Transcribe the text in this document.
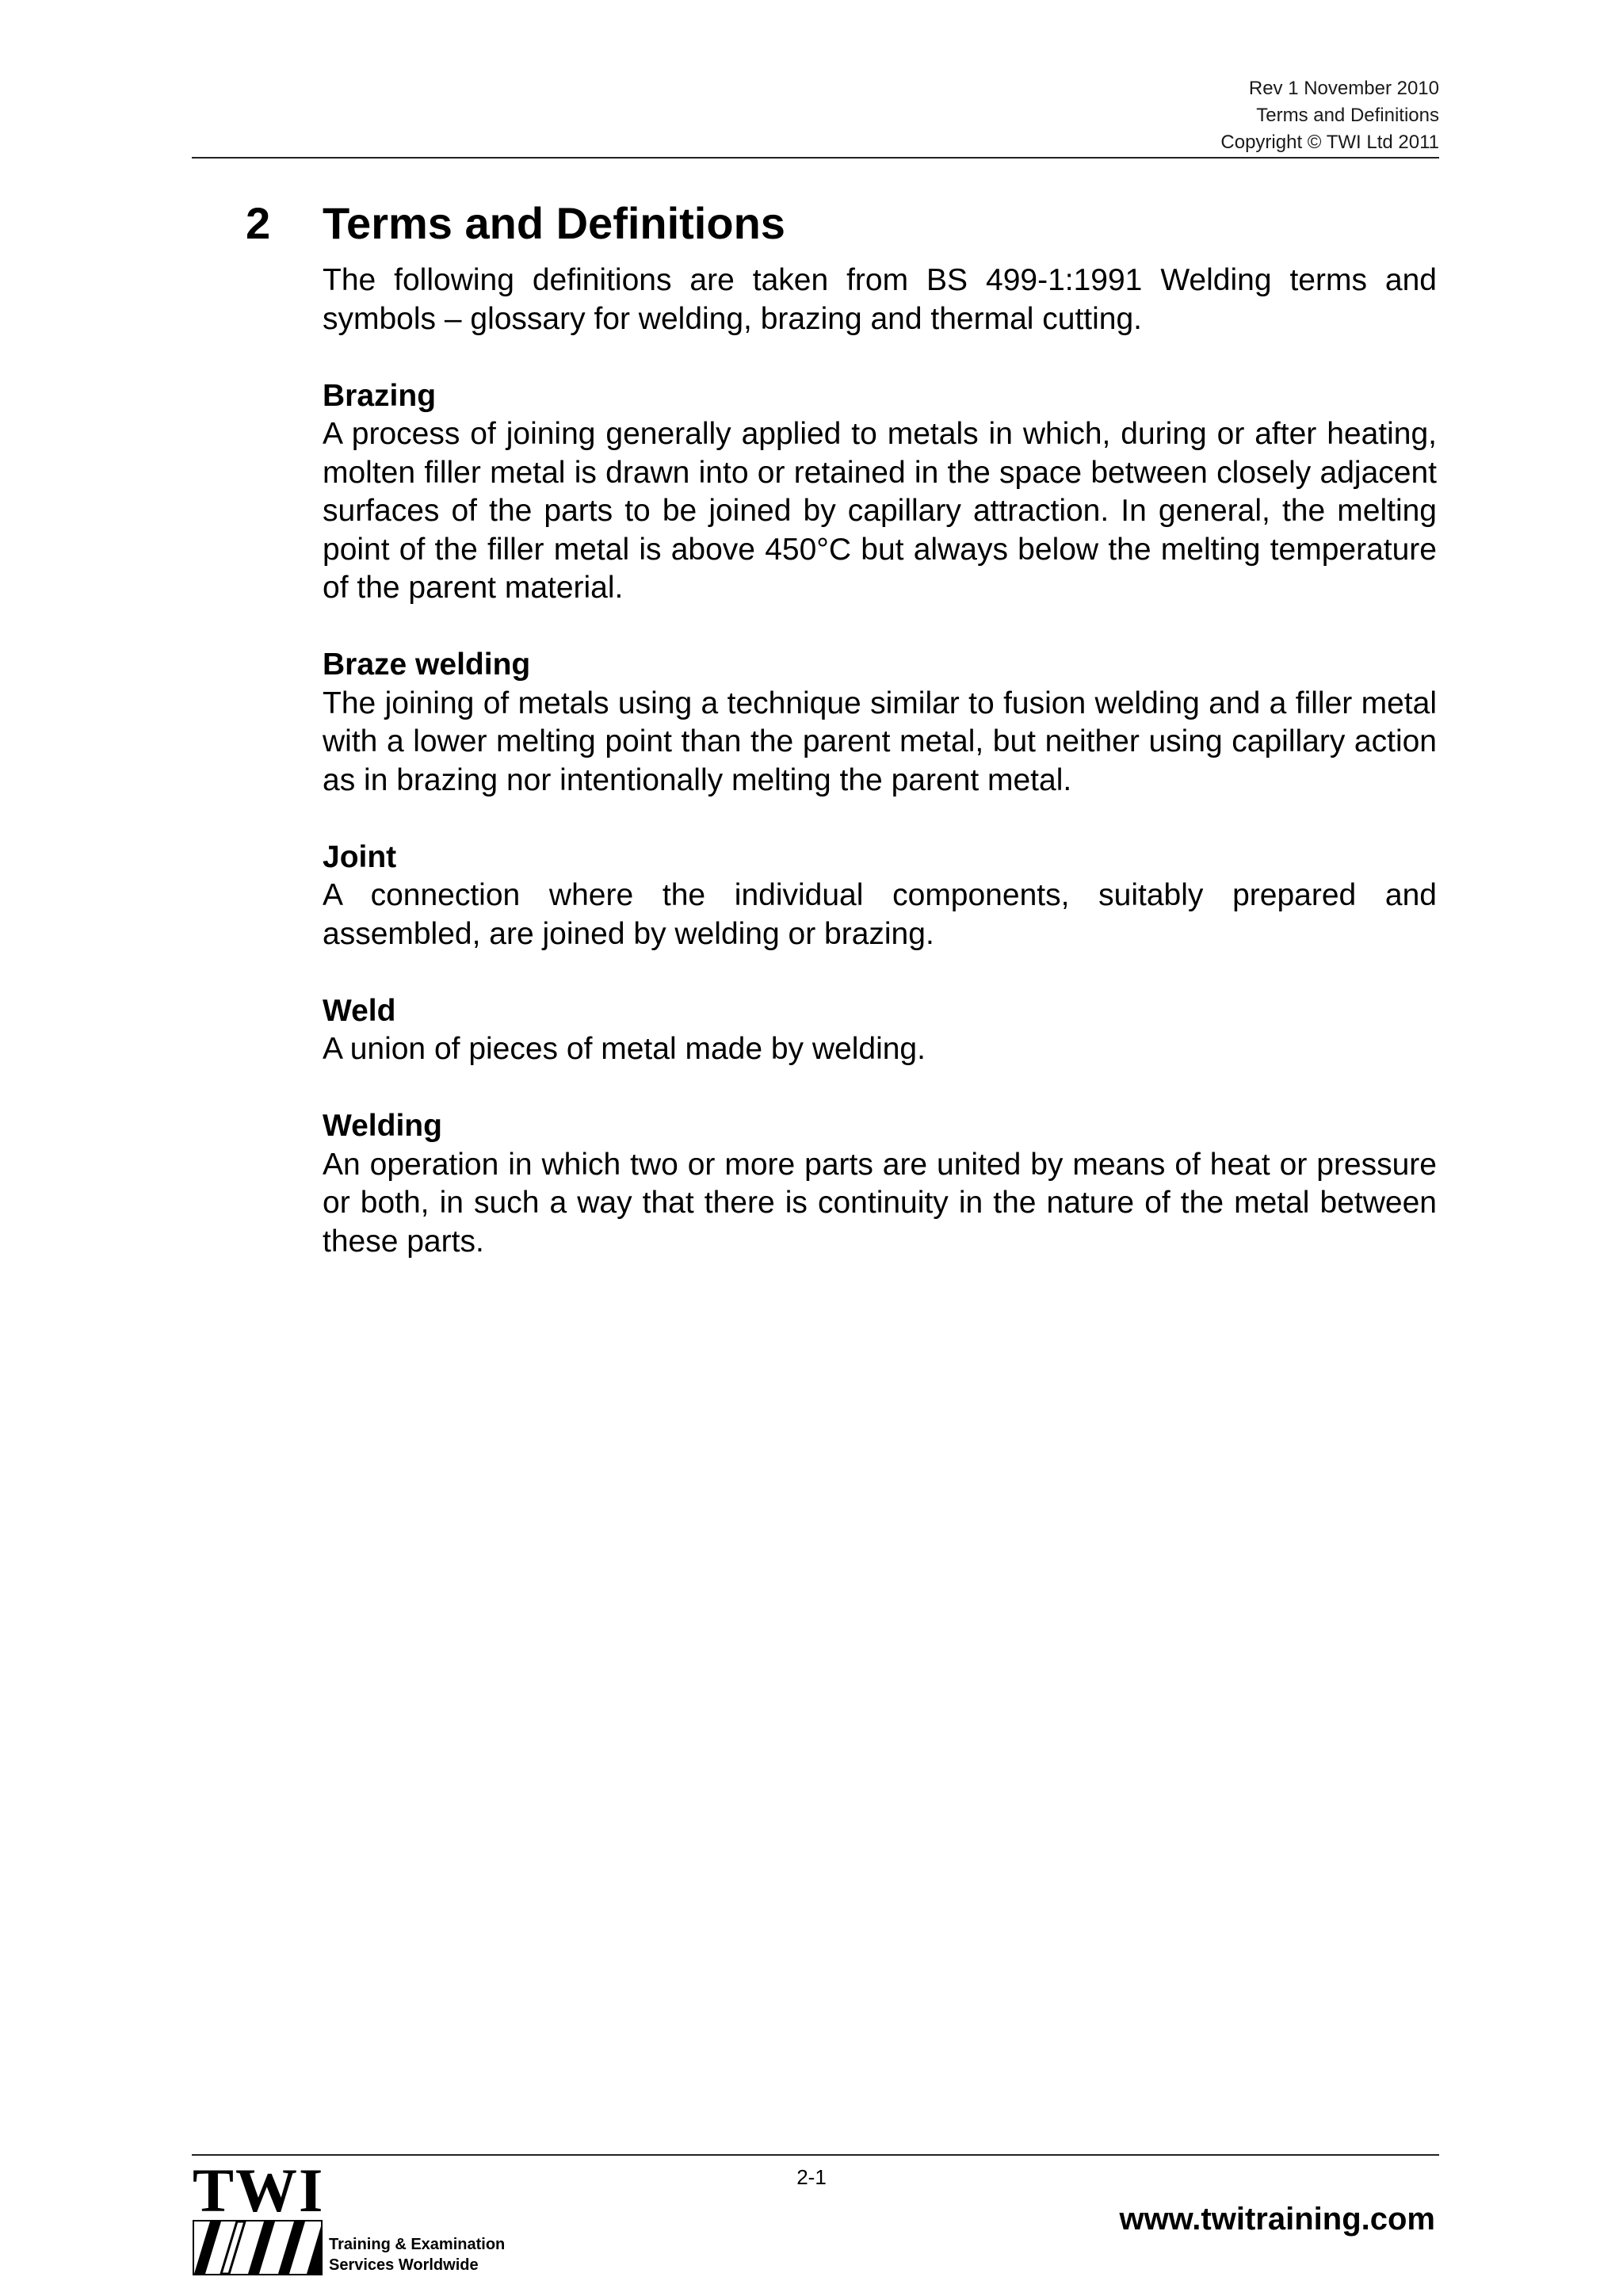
Rev 1 November 2010
Terms and Definitions
Copyright © TWI Ltd 2011
2 Terms and Definitions

The following definitions are taken from BS 499-1:1991 Welding terms and symbols – glossary for welding, brazing and thermal cutting.

Brazing

A process of joining generally applied to metals in which, during or after heating, molten filler metal is drawn into or retained in the space between closely adjacent surfaces of the parts to be joined by capillary attraction. In general, the melting point of the filler metal is above 450°C but always below the melting temperature of the parent material.

Braze welding

The joining of metals using a technique similar to fusion welding and a filler metal with a lower melting point than the parent metal, but neither using capillary action as in brazing nor intentionally melting the parent metal.

Joint

A connection where the individual components, suitably prepared and assembled, are joined by welding or brazing.

Weld

A union of pieces of metal made by welding.

Welding

An operation in which two or more parts are united by means of heat or pressure or both, in such a way that there is continuity in the nature of the metal between these parts.

2-1
www.twitraining.com
TWI
Training & Examination
Services Worldwide
